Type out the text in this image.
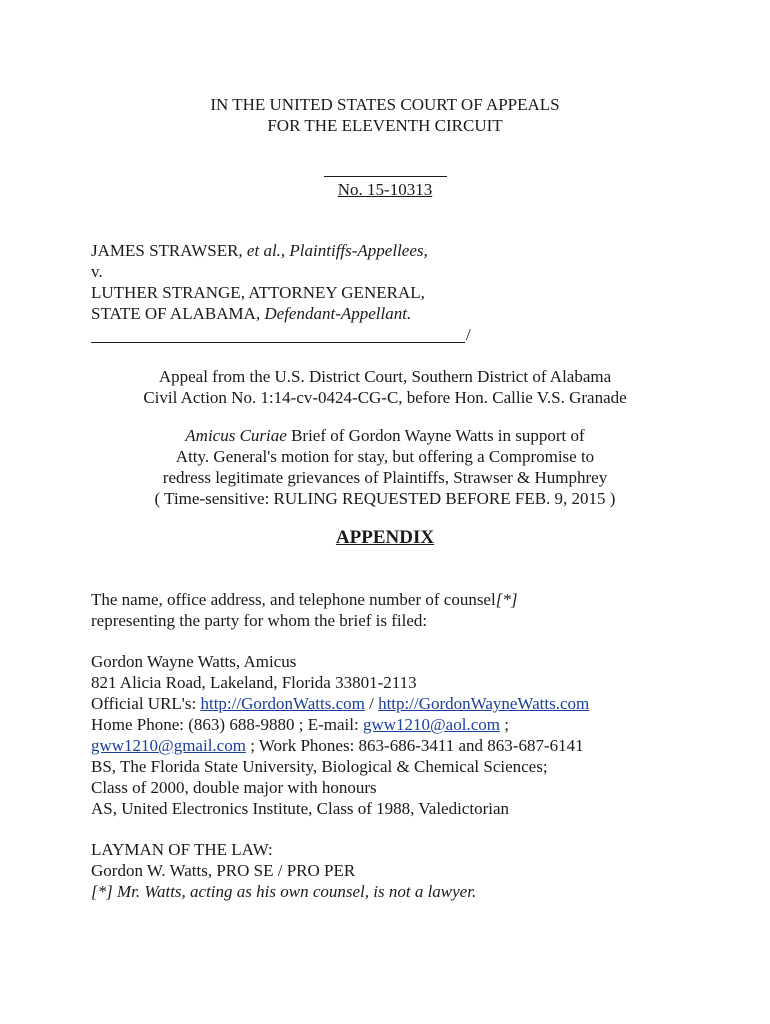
IN THE UNITED STATES COURT OF APPEALS
FOR THE ELEVENTH CIRCUIT
No. 15-10313
JAMES STRAWSER, et al., Plaintiffs-Appellees,
v.
LUTHER STRANGE, ATTORNEY GENERAL,
STATE OF ALABAMA, Defendant-Appellant.
/
Appeal from the U.S. District Court, Southern District of Alabama
Civil Action No. 1:14-cv-0424-CG-C, before Hon. Callie V.S. Granade
Amicus Curiae Brief of Gordon Wayne Watts in support of
Atty. General's motion for stay, but offering a Compromise to
redress legitimate grievances of Plaintiffs, Strawser & Humphrey
( Time-sensitive: RULING REQUESTED BEFORE FEB. 9, 2015 )
APPENDIX
The name, office address, and telephone number of counsel[*]
representing the party for whom the brief is filed:
Gordon Wayne Watts, Amicus
821 Alicia Road, Lakeland, Florida 33801-2113
Official URL's: http://GordonWatts.com / http://GordonWayneWatts.com
Home Phone: (863) 688-9880 ; E-mail: gww1210@aol.com ;
gww1210@gmail.com ; Work Phones: 863-686-3411 and 863-687-6141
BS, The Florida State University, Biological & Chemical Sciences;
Class of 2000, double major with honours
AS, United Electronics Institute, Class of 1988, Valedictorian
LAYMAN OF THE LAW:
Gordon W. Watts, PRO SE / PRO PER
[*] Mr. Watts, acting as his own counsel, is not a lawyer.
